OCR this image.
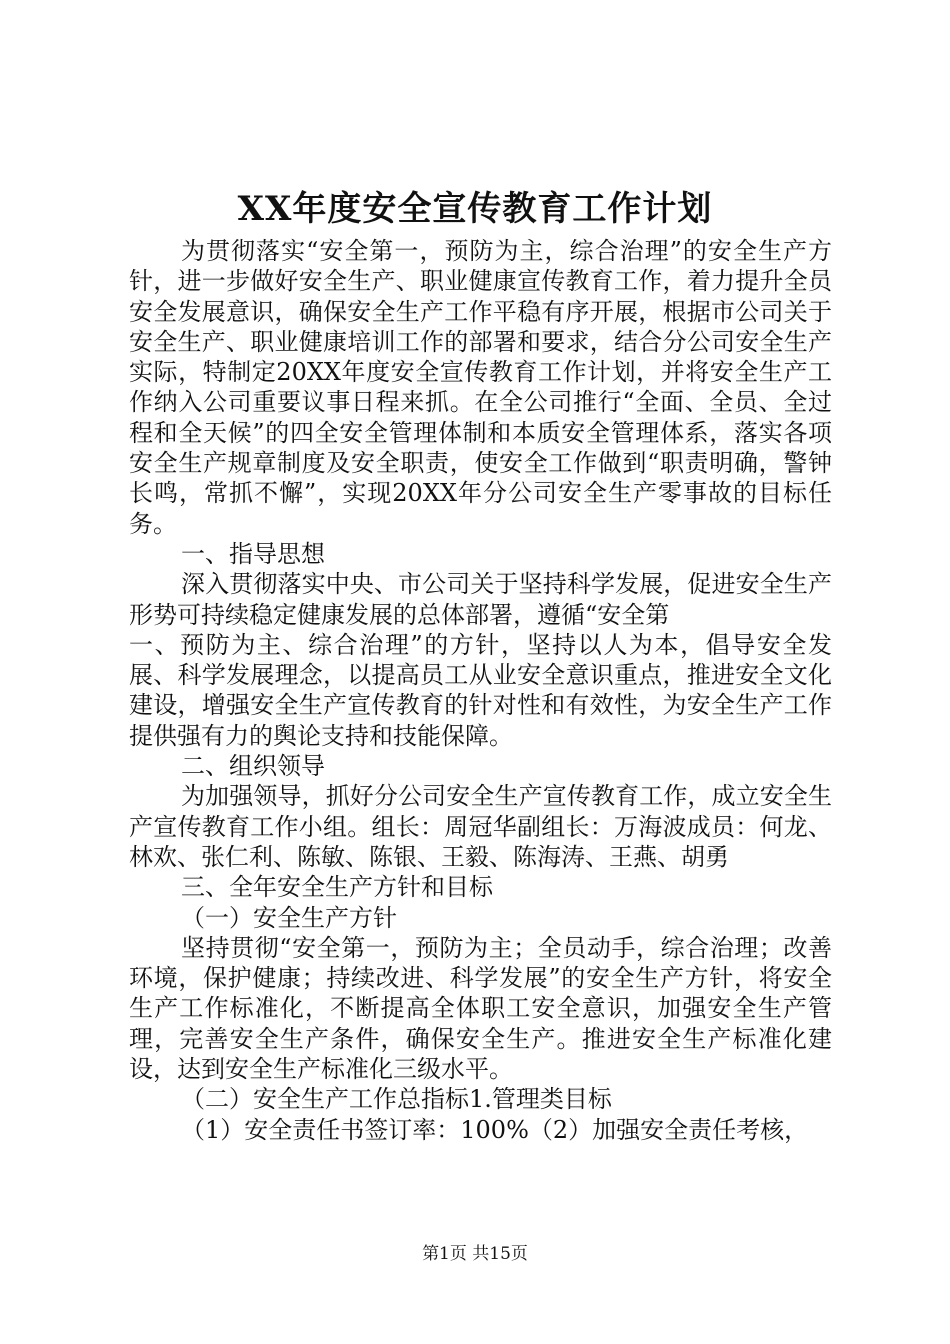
XX年度安全宣传教育工作计划

为贯彻落实“安全第一，预防为主，综合治理”的安全生产方针，进一步做好安全生产、职业健康宣传教育工作，着力提升全员安全发展意识，确保安全生产工作平稳有序开展，根据市公司关于安全生产、职业健康培训工作的部署和要求，结合分公司安全生产实际，特制定20XX年度安全宣传教育工作计划，并将安全生产工作纳入公司重要议事日程来抓。在全公司推行“全面、全员、全过程和全天候”的四全安全管理体制和本质安全管理体系，落实各项安全生产规章制度及安全职责，使安全工作做到“职责明确，警钟长鸣，常抓不懈”，实现20XX年分公司安全生产零事故的目标任务。

一、指导思想

深入贯彻落实中央、市公司关于坚持科学发展，促进安全生产形势可持续稳定健康发展的总体部署，遵循“安全第

一、预防为主、综合治理”的方针，坚持以人为本，倡导安全发展、科学发展理念，以提高员工从业安全意识重点，推进安全文化建设，增强安全生产宣传教育的针对性和有效性，为安全生产工作提供强有力的舆论支持和技能保障。

二、组织领导

为加强领导，抓好分公司安全生产宣传教育工作，成立安全生产宣传教育工作小组。组长：周冠华副组长：万海波成员：何龙、林欢、张仁利、陈敏、陈银、王毅、陈海涛、王燕、胡勇

三、全年安全生产方针和目标

（一）安全生产方针

坚持贯彻“安全第一，预防为主；全员动手，综合治理；改善环境，保护健康；持续改进、科学发展”的安全生产方针，将安全生产工作标准化，不断提高全体职工安全意识，加强安全生产管理，完善安全生产条件，确保安全生产。推进安全生产标准化建设，达到安全生产标准化三级水平。

（二）安全生产工作总指标1.管理类目标

（1）安全责任书签订率：100%（2）加强安全责任考核，

第1页 共15页
